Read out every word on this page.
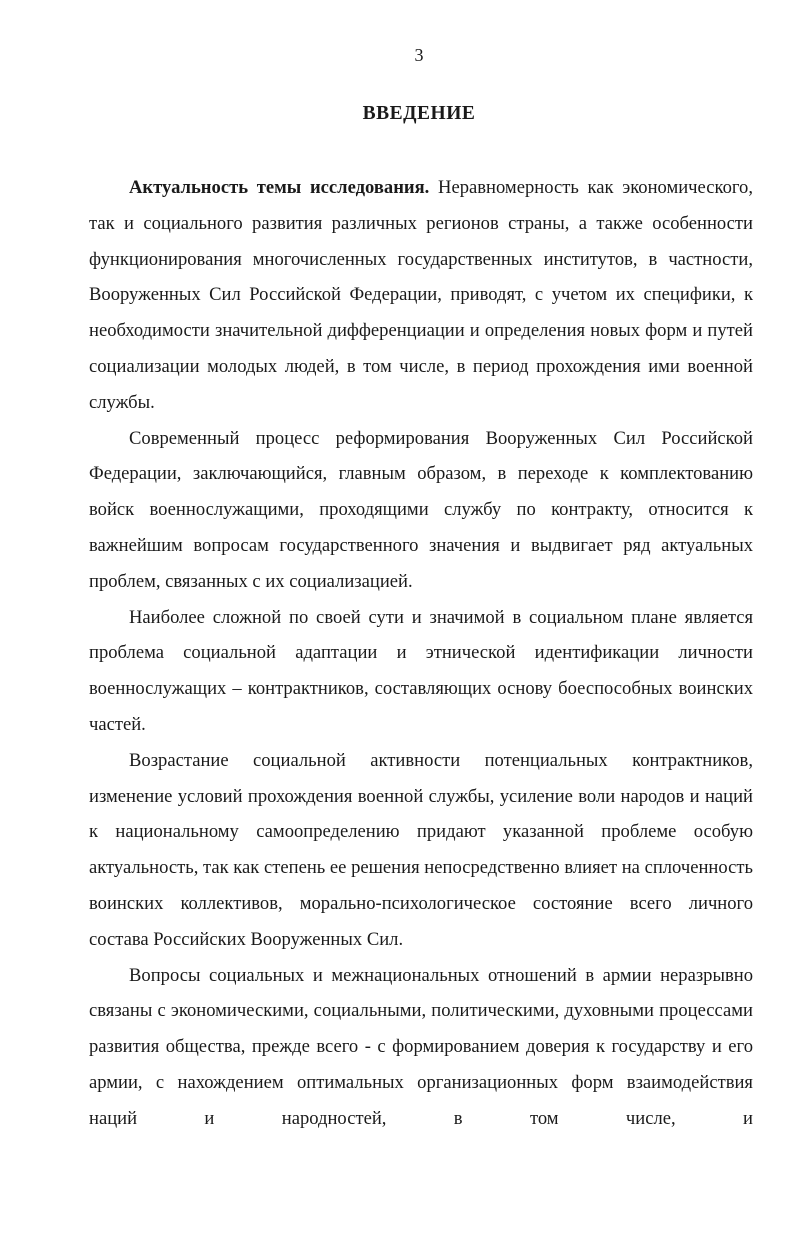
3
ВВЕДЕНИЕ

Актуальность темы исследования. Неравномерность как экономического, так и социального развития различных регионов страны, а также особенности функционирования многочисленных государственных институтов, в частности, Вооруженных Сил Российской Федерации, приводят, с учетом их специфики, к необходимости значительной дифференциации и определения новых форм и путей социализации молодых людей, в том числе, в период прохождения ими военной службы.

Современный процесс реформирования Вооруженных Сил Российской Федерации, заключающийся, главным образом, в переходе к комплектованию войск военнослужащими, проходящими службу по контракту, относится к важнейшим вопросам государственного значения и выдвигает ряд актуальных проблем, связанных с их социализацией.

Наиболее сложной по своей сути и значимой в социальном плане является проблема социальной адаптации и этнической идентификации личности военнослужащих – контрактников, составляющих основу боеспособных воинских частей.

Возрастание социальной активности потенциальных контрактников, изменение условий прохождения военной службы, усиление воли народов и наций к национальному самоопределению придают указанной проблеме особую актуальность, так как степень ее решения непосредственно влияет на сплоченность воинских коллективов, морально-психологическое состояние всего личного состава Российских Вооруженных Сил.

Вопросы социальных и межнациональных отношений в армии неразрывно связаны с экономическими, социальными, политическими, духовными процессами развития общества, прежде всего - с формированием доверия к государству и его армии, с нахождением оптимальных организационных форм взаимодействия наций и народностей, в том числе, и
